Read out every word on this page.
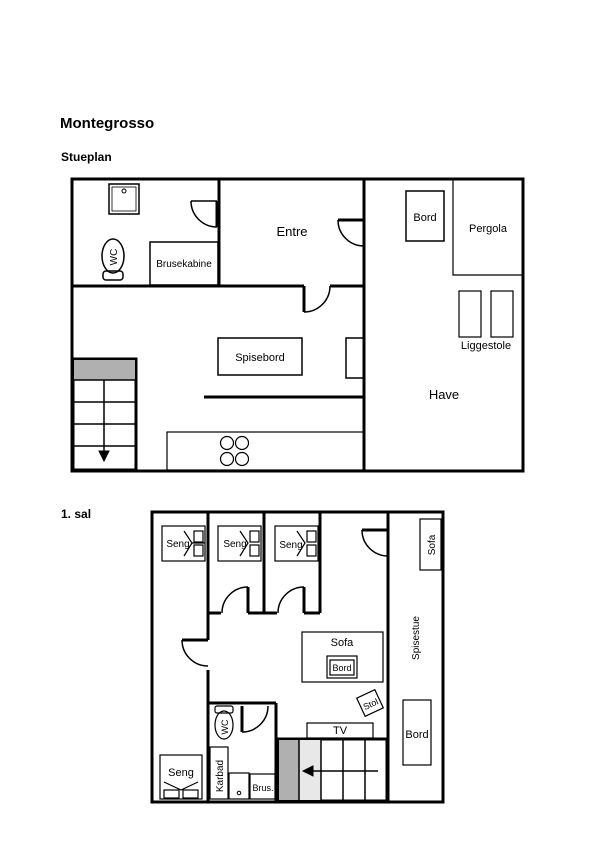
Montegrosso
Stueplan
1. sal
Entre
Brusekabine
WC
Spisebord
Bord
Pergola
Liggestole
Have
Seng	Seng	Seng
Seng
Sofa
Bord
Stol
TV
Spisestue
Sofa
Bord
WC
Karbad	Brus.
